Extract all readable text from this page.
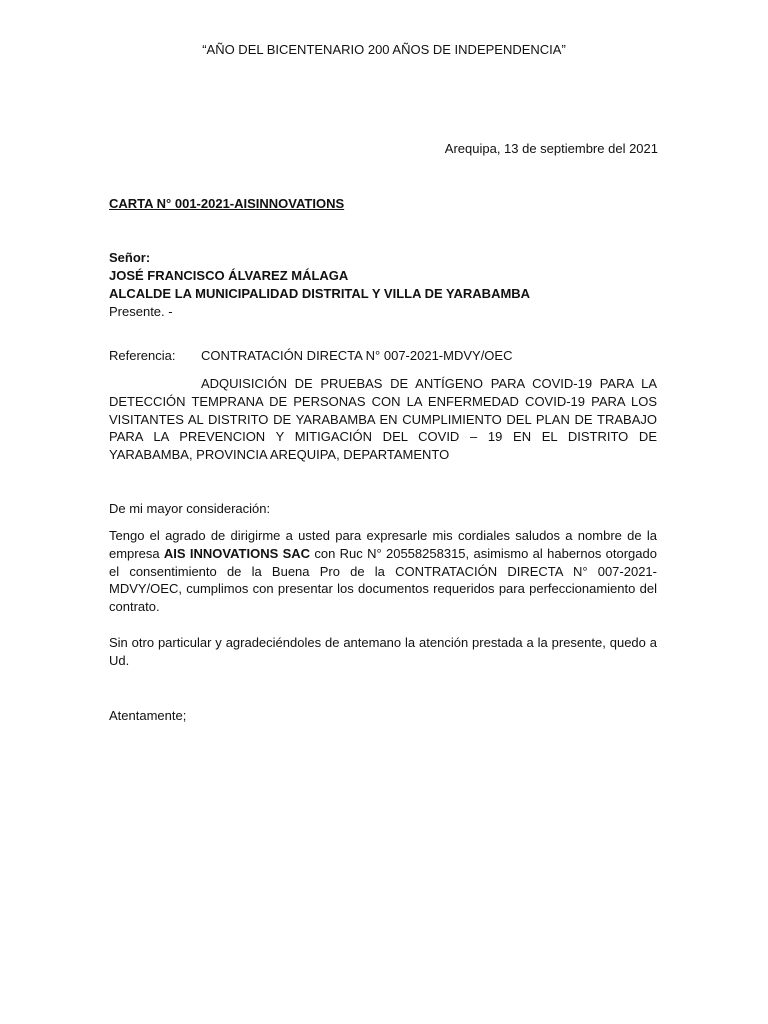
“AÑO DEL BICENTENARIO 200 AÑOS DE INDEPENDENCIA”
Arequipa, 13 de septiembre del 2021
CARTA N° 001-2021-AISINNOVATIONS
Señor:
JOSÉ FRANCISCO ÁLVAREZ MÁLAGA
ALCALDE LA MUNICIPALIDAD DISTRITAL Y VILLA DE YARABAMBA
Presente. -
Referencia: CONTRATACIÓN DIRECTA N° 007-2021-MDVY/OEC
ADQUISICIÓN DE PRUEBAS DE ANTÍGENO PARA COVID-19 PARA LA DETECCIÓN TEMPRANA DE PERSONAS CON LA ENFERMEDAD COVID-19 PARA LOS VISITANTES AL DISTRITO DE YARABAMBA EN CUMPLIMIENTO DEL PLAN DE TRABAJO PARA LA PREVENCION Y MITIGACIÓN DEL COVID – 19 EN EL DISTRITO DE YARABAMBA, PROVINCIA AREQUIPA, DEPARTAMENTO
De mi mayor consideración:
Tengo el agrado de dirigirme a usted para expresarle mis cordiales saludos a nombre de la empresa AIS INNOVATIONS SAC con Ruc N° 20558258315, asimismo al habernos otorgado el consentimiento de la Buena Pro de la CONTRATACIÓN DIRECTA N° 007-2021-MDVY/OEC, cumplimos con presentar los documentos requeridos para perfeccionamiento del contrato.
Sin otro particular y agradeciéndoles de antemano la atención prestada a la presente, quedo a Ud.
Atentamente;
